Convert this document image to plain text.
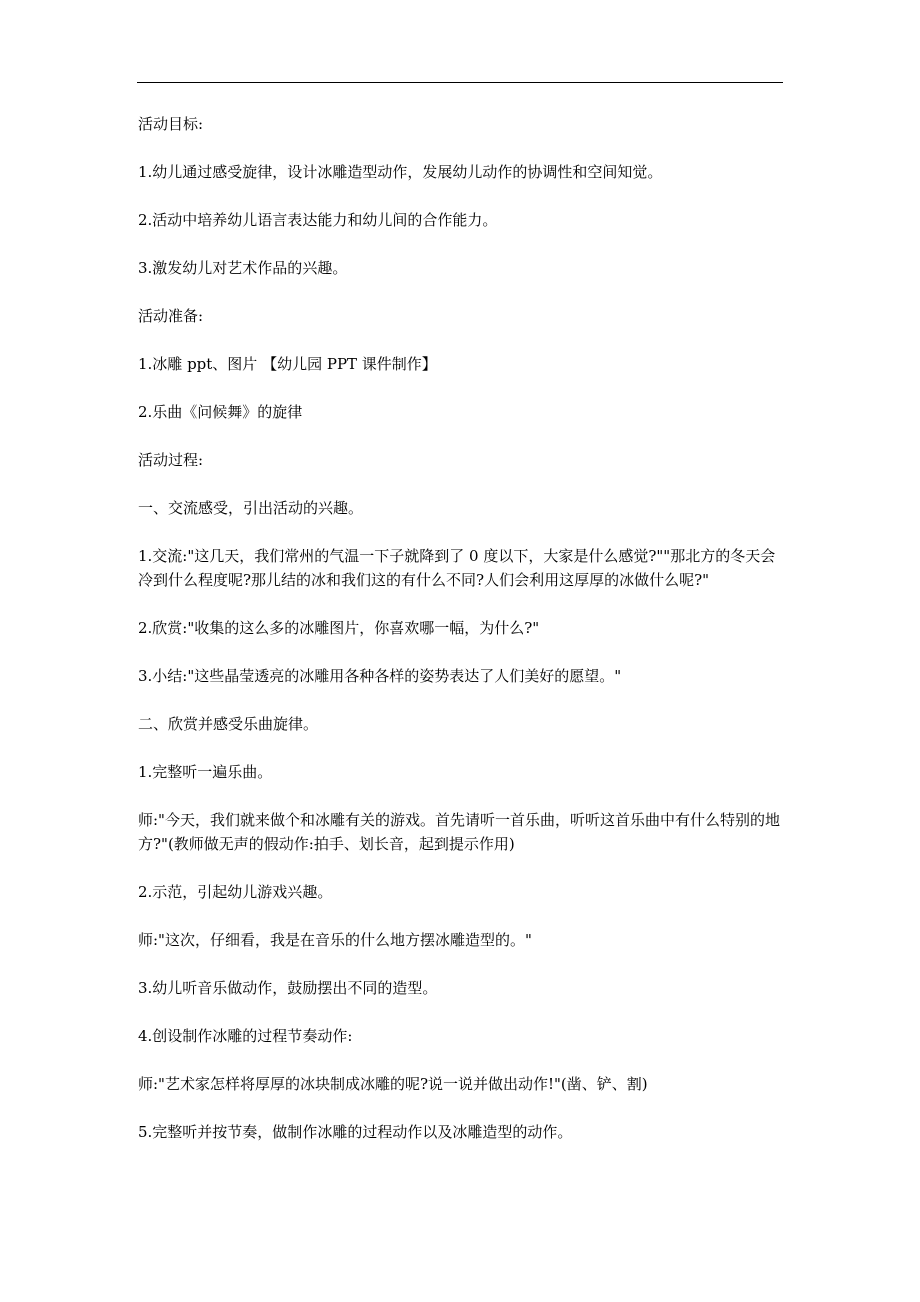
活动目标:

1.幼儿通过感受旋律，设计冰雕造型动作，发展幼儿动作的协调性和空间知觉。

2.活动中培养幼儿语言表达能力和幼儿间的合作能力。

3.激发幼儿对艺术作品的兴趣。

活动准备:

1.冰雕 ppt、图片 【幼儿园 PPT 课件制作】

2.乐曲《问候舞》的旋律

活动过程:

一、交流感受，引出活动的兴趣。

1.交流:"这几天，我们常州的气温一下子就降到了 0 度以下，大家是什么感觉?""那北方的冬天会冷到什么程度呢?那儿结的冰和我们这的有什么不同?人们会利用这厚厚的冰做什么呢?"

2.欣赏:"收集的这么多的冰雕图片，你喜欢哪一幅，为什么?"

3.小结:"这些晶莹透亮的冰雕用各种各样的姿势表达了人们美好的愿望。"

二、欣赏并感受乐曲旋律。

1.完整听一遍乐曲。

师:"今天，我们就来做个和冰雕有关的游戏。首先请听一首乐曲，听听这首乐曲中有什么特别的地方?"(教师做无声的假动作:拍手、划长音，起到提示作用)

2.示范，引起幼儿游戏兴趣。

师:"这次，仔细看，我是在音乐的什么地方摆冰雕造型的。"

3.幼儿听音乐做动作，鼓励摆出不同的造型。

4.创设制作冰雕的过程节奏动作:

师:"艺术家怎样将厚厚的冰块制成冰雕的呢?说一说并做出动作!"(凿、铲、割)

5.完整听并按节奏，做制作冰雕的过程动作以及冰雕造型的动作。
